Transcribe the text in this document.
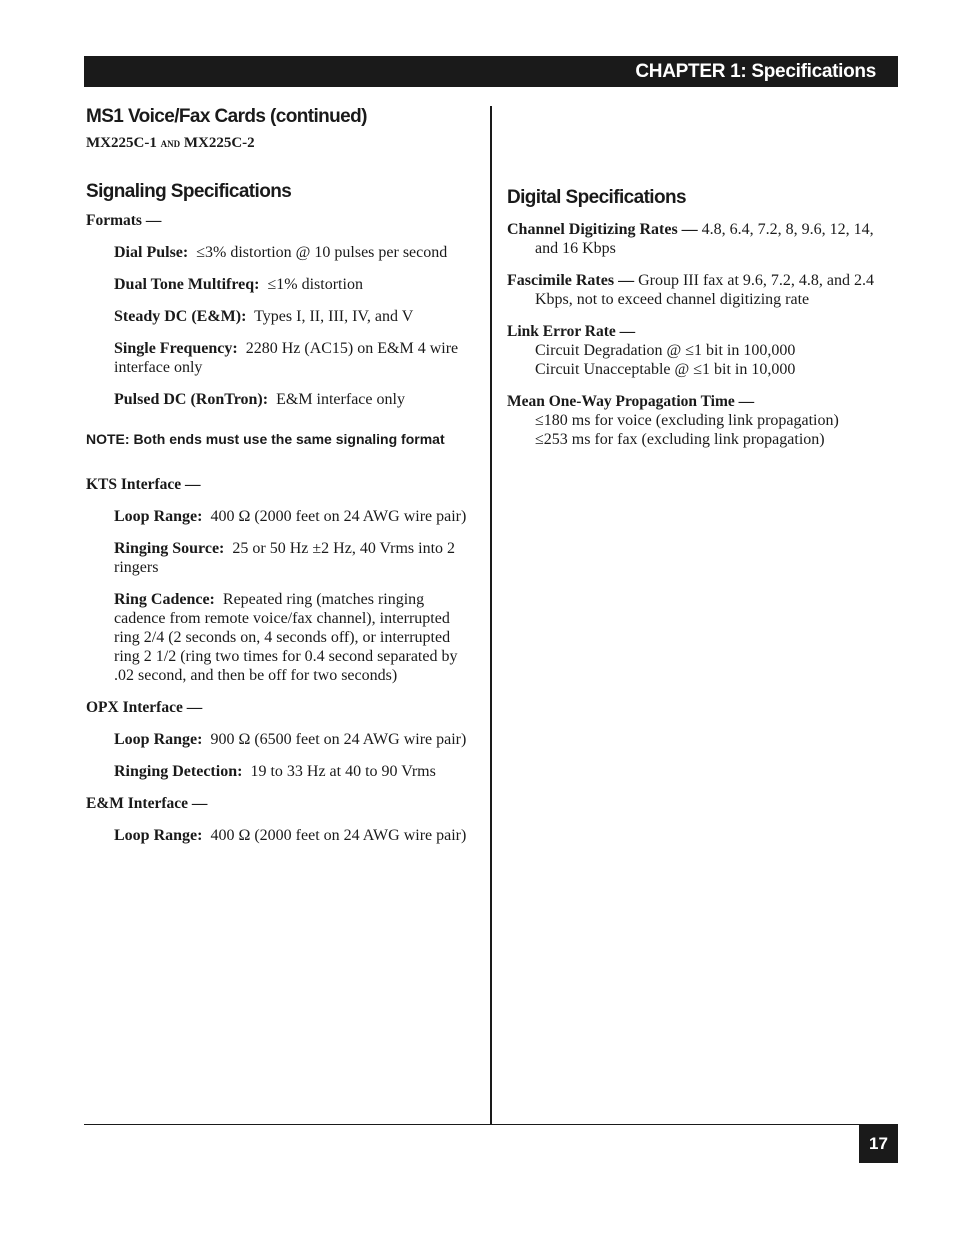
CHAPTER 1: Specifications
MS1 Voice/Fax Cards (continued)

MX225C-1 and MX225C-2

Signaling Specifications

Formats —

Dial Pulse: ≤3% distortion @ 10 pulses per second

Dual Tone Multifreq: ≤1% distortion

Steady DC (E&M): Types I, II, III, IV, and V

Single Frequency: 2280 Hz (AC15) on E&M 4 wire interface only

Pulsed DC (RonTron): E&M interface only

NOTE: Both ends must use the same signaling format

KTS Interface —

Loop Range: 400 Ω (2000 feet on 24 AWG wire pair)

Ringing Source: 25 or 50 Hz ±2 Hz, 40 Vrms into 2 ringers

Ring Cadence: Repeated ring (matches ringing cadence from remote voice/fax channel), interrupted ring 2/4 (2 seconds on, 4 seconds off), or interrupted ring 2 1/2 (ring two times for 0.4 second separated by .02 second, and then be off for two seconds)

OPX Interface —

Loop Range: 900 Ω (6500 feet on 24 AWG wire pair)

Ringing Detection: 19 to 33 Hz at 40 to 90 Vrms

E&M Interface —

Loop Range: 400 Ω (2000 feet on 24 AWG wire pair)

Digital Specifications

Channel Digitizing Rates — 4.8, 6.4, 7.2, 8, 9.6, 12, 14, and 16 Kbps

Fascimile Rates — Group III fax at 9.6, 7.2, 4.8, and 2.4 Kbps, not to exceed channel digitizing rate

Link Error Rate —
Circuit Degradation @ ≤1 bit in 100,000
Circuit Unacceptable @ ≤1 bit in 10,000
Mean One-Way Propagation Time —
≤180 ms for voice (excluding link propagation)
≤253 ms for fax (excluding link propagation)
17
